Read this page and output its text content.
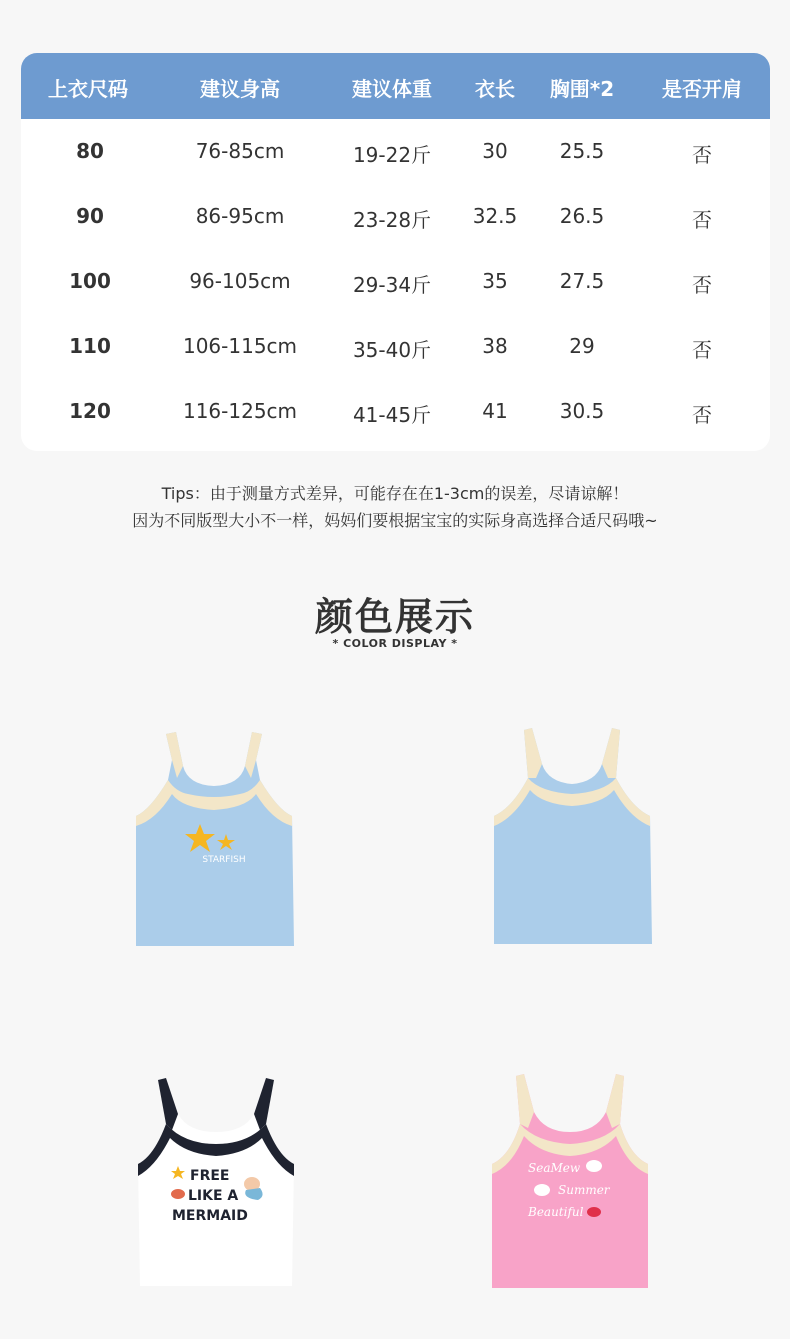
上衣尺码	建议身高	建议体重 衣长 胸围*2 是否开肩
80	76-85cm	19-22斤	30	25.5	否
90	86-95cm	23-28斤 32.5 26.5	否
100	96-105cm	29-34斤	35	27.5	否
110	106-115cm	35-40斤	38	29	否
120	116-125cm	41-45斤	41	30.5	否
Tips：由于测量方式差异，可能存在在1-3cm的误差，尽请谅解！
因为不同版型大小不一样，妈妈们要根据宝宝的实际身高选择合适尺码哦~
颜色展示
* COLOR DISPLAY *
STARFISH
FREE
LIKE A
MERMAID
SeaMew
Summer
Beautiful
